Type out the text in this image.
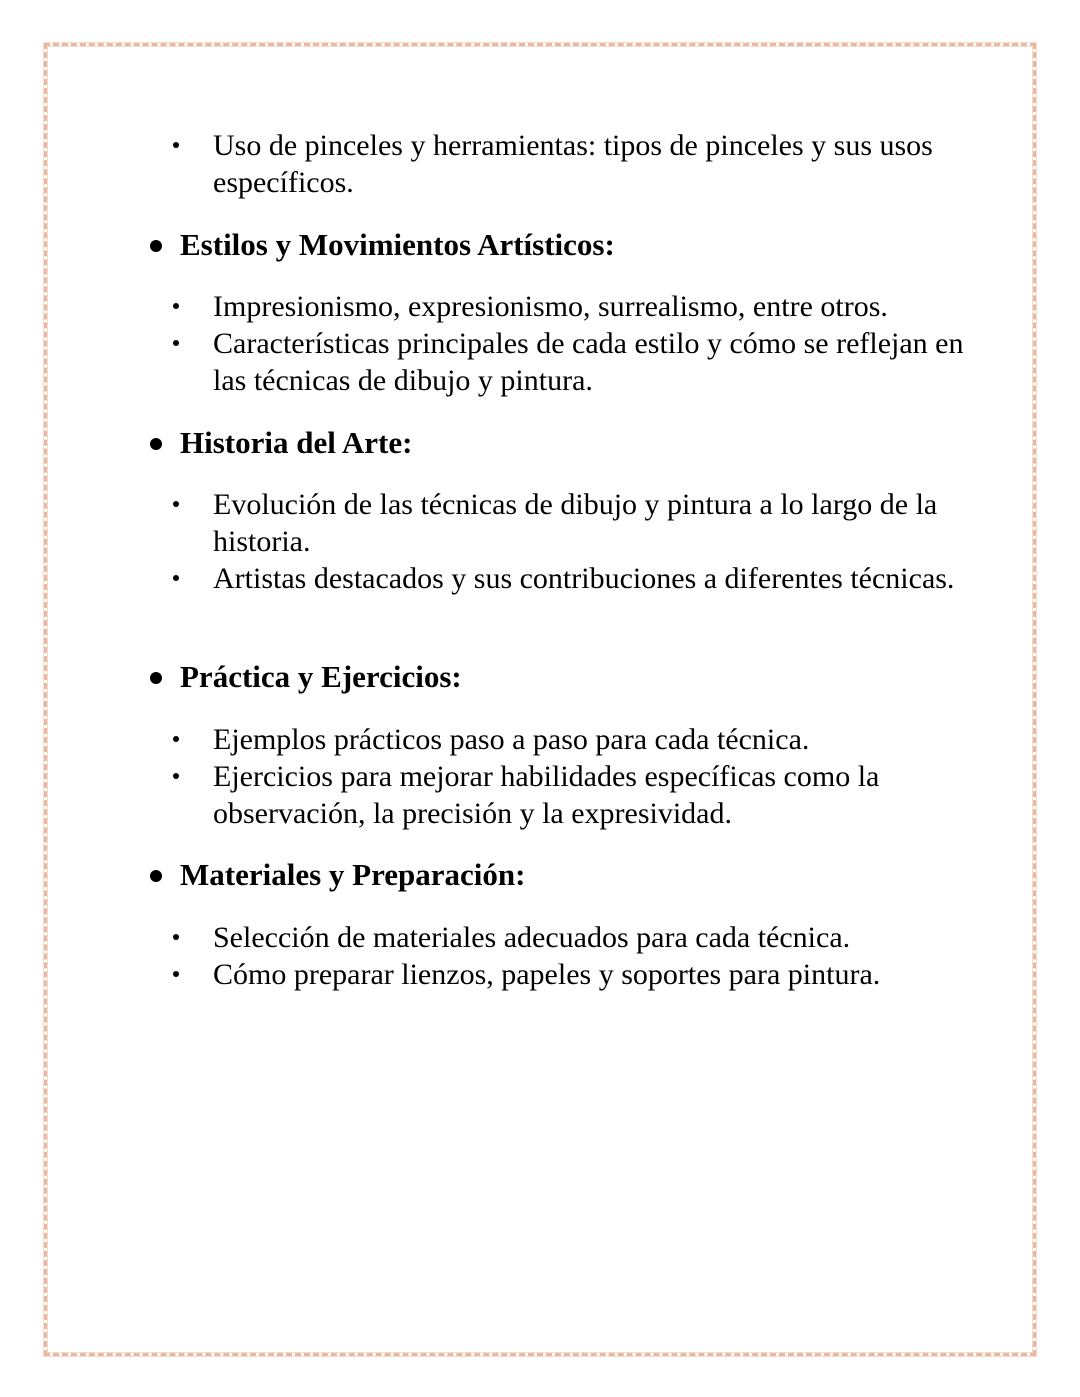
Uso de pinceles y herramientas: tipos de pinceles y sus usos específicos.
Estilos y Movimientos Artísticos:
Impresionismo, expresionismo, surrealismo, entre otros.
Características principales de cada estilo y cómo se reflejan en las técnicas de dibujo y pintura.
Historia del Arte:
Evolución de las técnicas de dibujo y pintura a lo largo de la historia.
Artistas destacados y sus contribuciones a diferentes técnicas.
Práctica y Ejercicios:
Ejemplos prácticos paso a paso para cada técnica.
Ejercicios para mejorar habilidades específicas como la observación, la precisión y la expresividad.
Materiales y Preparación:
Selección de materiales adecuados para cada técnica.
Cómo preparar lienzos, papeles y soportes para pintura.
